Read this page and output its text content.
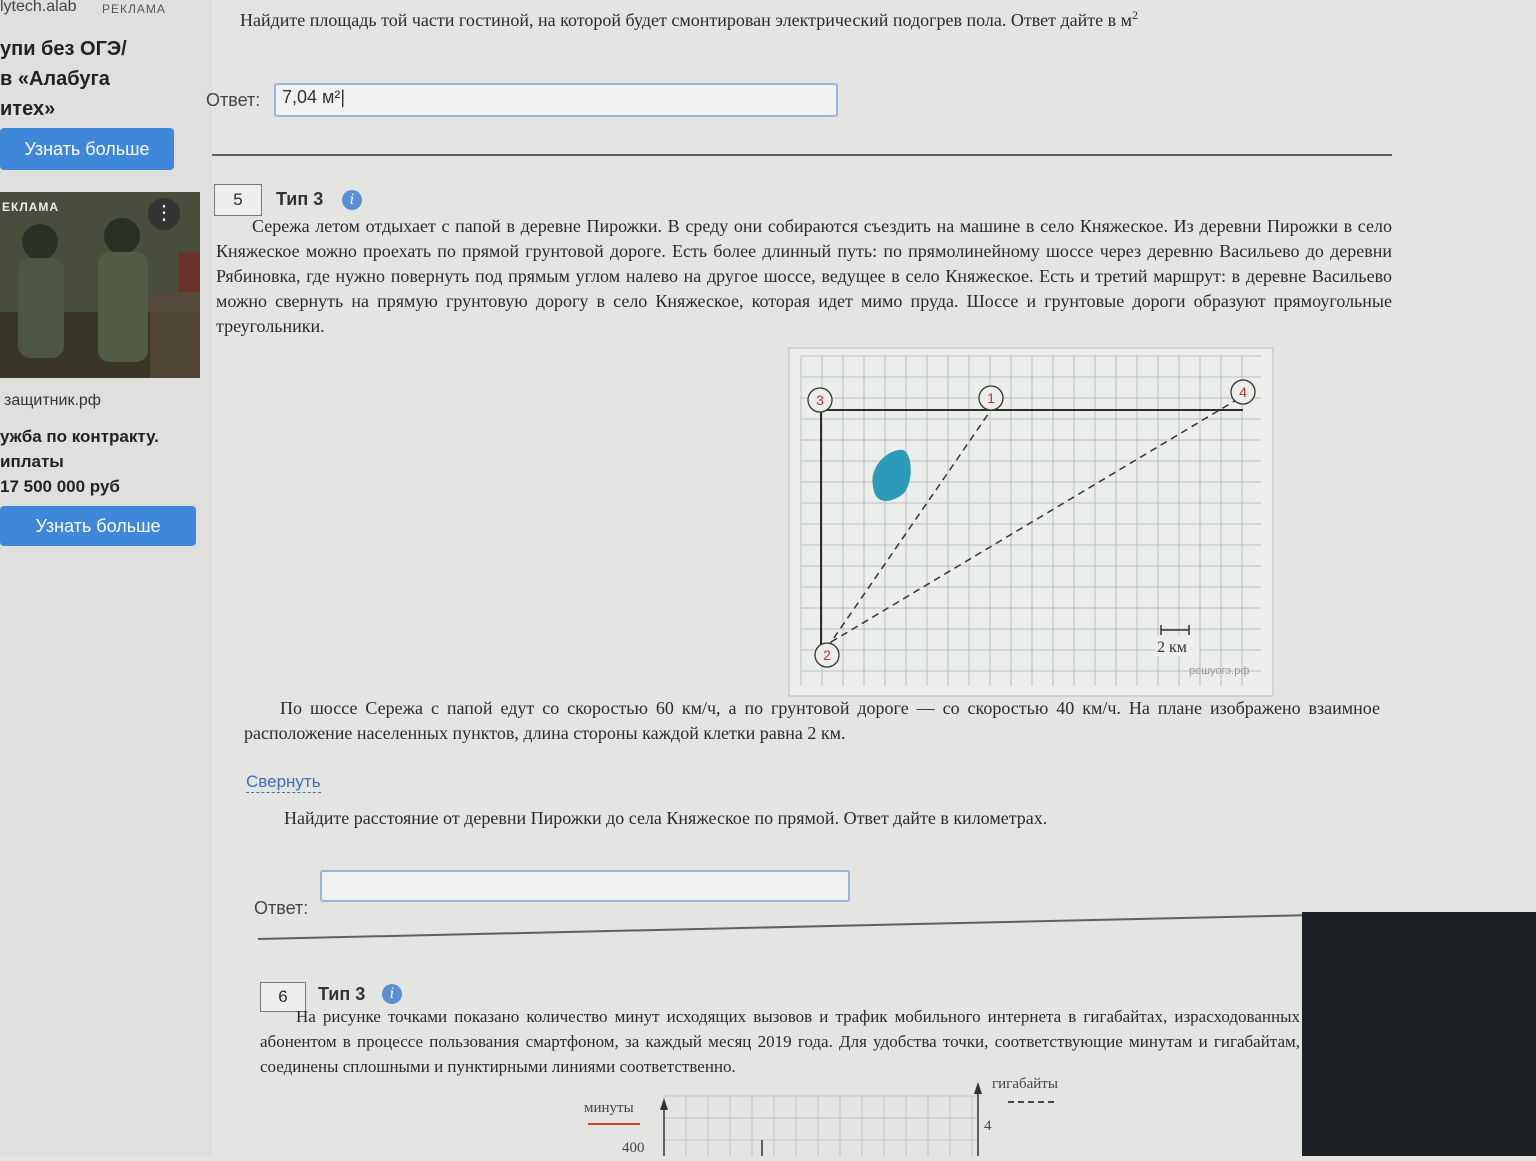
lytech.alab РЕКЛАМА
упи без ОГЭ/
в «Алабуга
итех»
Узнать больше
ЕКЛАМА	⋮
защитник.рф
ужба по контракту.
иплаты
17 500 000 руб
Узнать больше
Найдите площадь той части гостиной, на которой будет смонтирован электрический подогрев пола. Ответ дайте в $м^2$
Ответ:	7,04 м²|
5	Тип 3	i
Сережа летом отдыхает с папой в деревне Пирожки. В среду они собираются съездить на машине в село Княжеское. Из деревни Пирожки в село Княжеское можно проехать по прямой грунтовой дороге. Есть более длинный путь: по прямолинейному шоссе через деревню Васильево до деревни Рябиновка, где нужно повернуть под прямым углом налево на другое шоссе, ведущее в село Княжеское. Есть и третий маршрут: в деревне Васильево можно свернуть на прямую грунтовую дорогу в село Княжеское, которая идет мимо пруда. Шоссе и грунтовые дороги образуют прямоугольные треугольники.
3	1	4
2	2 км
решуогэ.рф
По шоссе Сережа с папой едут со скоростью 60 км/ч, а по грунтовой дороге — со скоростью 40 км/ч. На плане изображено взаимное расположение населенных пунктов, длина стороны каждой клетки равна 2 км.
Свернуть
Найдите расстояние от деревни Пирожки до села Княжеское по прямой. Ответ дайте в километрах.
Ответ:
6	Тип 3	i
На рисунке точками показано количество минут исходящих вызовов и трафик мобильного интернета в гигабайтах, израсходованных абонентом в процессе пользования смартфоном, за каждый месяц 2019 года. Для удобства точки, соответствующие минутам и гигабайтам, соединены сплошными и пунктирными линиями соответственно.
минуты
гигабайты
400
4
